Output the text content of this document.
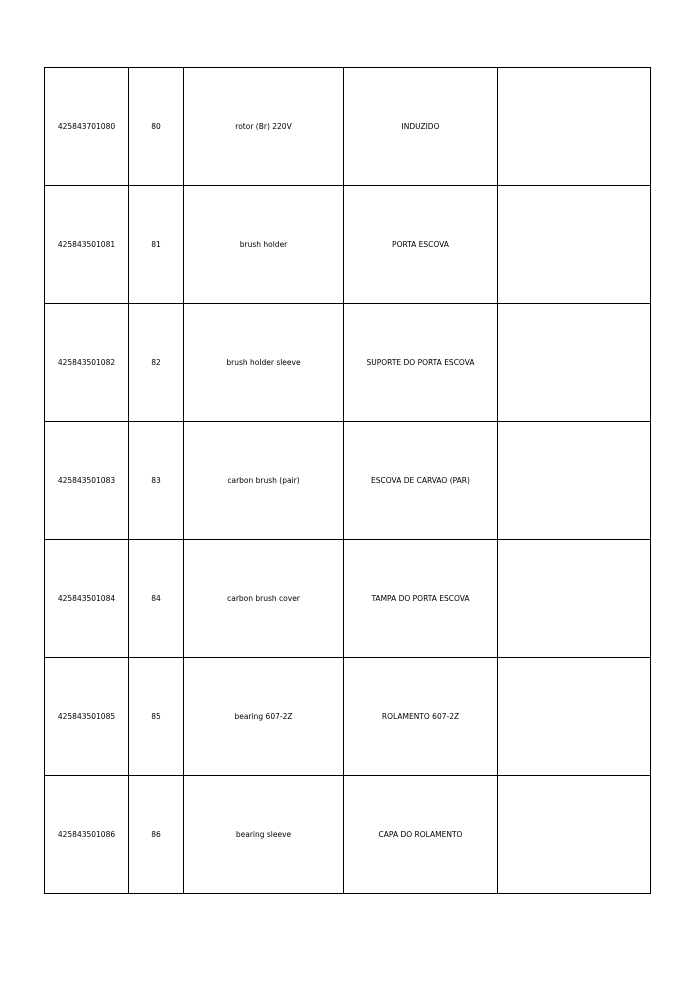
425843701080	80	rotor (Br) 220V	INDUZIDO	
425843501081	81	brush holder	PORTA ESCOVA	
425843501082	82	brush holder sleeve	SUPORTE DO PORTA ESCOVA	
425843501083	83	carbon brush (pair)	ESCOVA DE CARVAO (PAR)	
425843501084	84	carbon brush cover	TAMPA DO PORTA ESCOVA	
425843501085	85	bearing 607-2Z	ROLAMENTO 607-2Z	
425843501086	86	bearing sleeve	CAPA DO ROLAMENTO	
